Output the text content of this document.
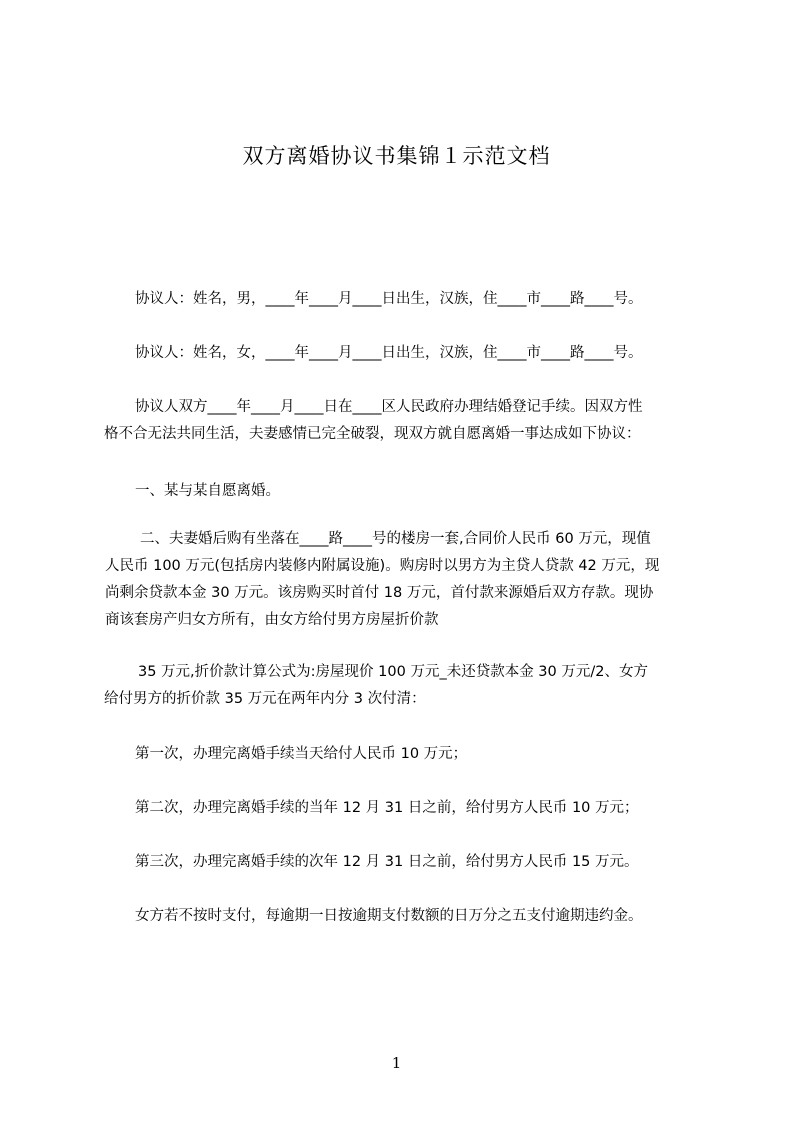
双方离婚协议书集锦１示范文档
协议人：姓名，男，____年____月____日出生，汉族，住____市____路____号。
协议人：姓名，女，____年____月____日出生，汉族，住____市____路____号。
协议人双方____年____月____日在____区人民政府办理结婚登记手续。因双方性
格不合无法共同生活，夫妻感情已完全破裂，现双方就自愿离婚一事达成如下协议：
一、某与某自愿离婚。
二、夫妻婚后购有坐落在____路____号的楼房一套,合同价人民币 60 万元，现值
人民币 100 万元(包括房内装修内附属设施)。购房时以男方为主贷人贷款 42 万元，现
尚剩余贷款本金 30 万元。该房购买时首付 18 万元，首付款来源婚后双方存款。现协
商该套房产归女方所有，由女方给付男方房屋折价款
35 万元,折价款计算公式为:房屋现价 100 万元_未还贷款本金 30 万元/2、女方
给付男方的折价款 35 万元在两年内分 3 次付清：
第一次，办理完离婚手续当天给付人民币 10 万元；
第二次，办理完离婚手续的当年 12 月 31 日之前，给付男方人民币 10 万元；
第三次，办理完离婚手续的次年 12 月 31 日之前，给付男方人民币 15 万元。
女方若不按时支付，每逾期一日按逾期支付数额的日万分之五支付逾期违约金。
1
